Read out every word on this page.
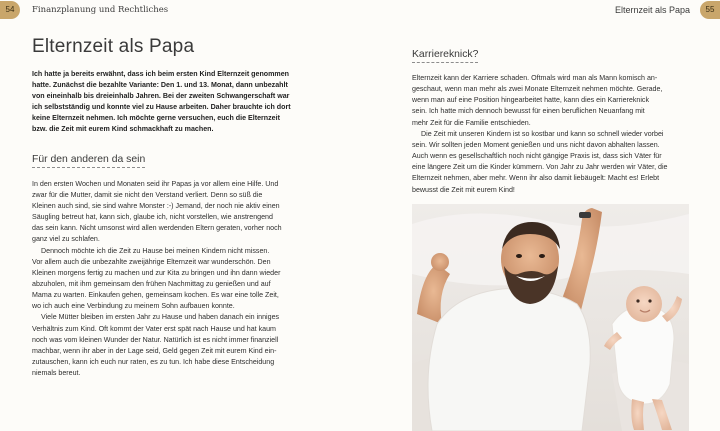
54	Finanzplanung und Rechtliches	Elternzeit als Papa	55
Elternzeit als Papa

Ich hatte ja bereits erwähnt, dass ich beim ersten Kind Elternzeit genommen
hatte. Zunächst die bezahlte Variante: Den 1. und 13. Monat, dann unbezahlt
von eineinhalb bis dreieinhalb Jahren. Bei der zweiten Schwangerschaft war
ich selbstständig und konnte viel zu Hause arbeiten. Daher brauchte ich dort
keine Elternzeit nehmen. Ich möchte gerne versuchen, euch die Elternzeit
bzw. die Zeit mit eurem Kind schmackhaft zu machen.

Für den anderen da sein

In den ersten Wochen und Monaten seid ihr Papas ja vor allem eine Hilfe. Und
zwar für die Mutter, damit sie nicht den Verstand verliert. Denn so süß die
Kleinen auch sind, sie sind wahre Monster :-) Jemand, der noch nie aktiv einen
Säugling betreut hat, kann sich, glaube ich, nicht vorstellen, wie anstrengend
das sein kann. Nicht umsonst wird allen werdenden Eltern geraten, vorher noch
ganz viel zu schlafen.

Dennoch möchte ich die Zeit zu Hause bei meinen Kindern nicht missen.
Vor allem auch die unbezahlte zweijährige Elternzeit war wunderschön. Den
Kleinen morgens fertig zu machen und zur Kita zu bringen und ihn dann wieder
abzuholen, mit ihm gemeinsam den frühen Nachmittag zu genießen und auf
Mama zu warten. Einkaufen gehen, gemeinsam kochen. Es war eine tolle Zeit,
wo ich auch eine Verbindung zu meinem Sohn aufbauen konnte.

Viele Mütter bleiben im ersten Jahr zu Hause und haben danach ein inniges
Verhältnis zum Kind. Oft kommt der Vater erst spät nach Hause und hat kaum
noch was vom kleinen Wunder der Natur. Natürlich ist es nicht immer finanziell
machbar, wenn ihr aber in der Lage seid, Geld gegen Zeit mit eurem Kind ein-
zutauschen, kann ich euch nur raten, es zu tun. Ich habe diese Entscheidung
niemals bereut.

Karriereknick?

Elternzeit kann der Karriere schaden. Oftmals wird man als Mann komisch an-
geschaut, wenn man mehr als zwei Monate Elternzeit nehmen möchte. Gerade,
wenn man auf eine Position hingearbeitet hatte, kann dies ein Karriereknick
sein. Ich hatte mich dennoch bewusst für einen beruflichen Neuanfang mit
mehr Zeit für die Familie entschieden.

Die Zeit mit unseren Kindern ist so kostbar und kann so schnell wieder vorbei
sein. Wir sollten jeden Moment genießen und uns nicht davon abhalten lassen.
Auch wenn es gesellschaftlich noch nicht gängige Praxis ist, dass sich Väter für
eine längere Zeit um die Kinder kümmern. Von Jahr zu Jahr werden wir Väter, die
Elternzeit nehmen, aber mehr. Wenn ihr also damit liebäugelt: Macht es! Erlebt
bewusst die Zeit mit eurem Kind!
